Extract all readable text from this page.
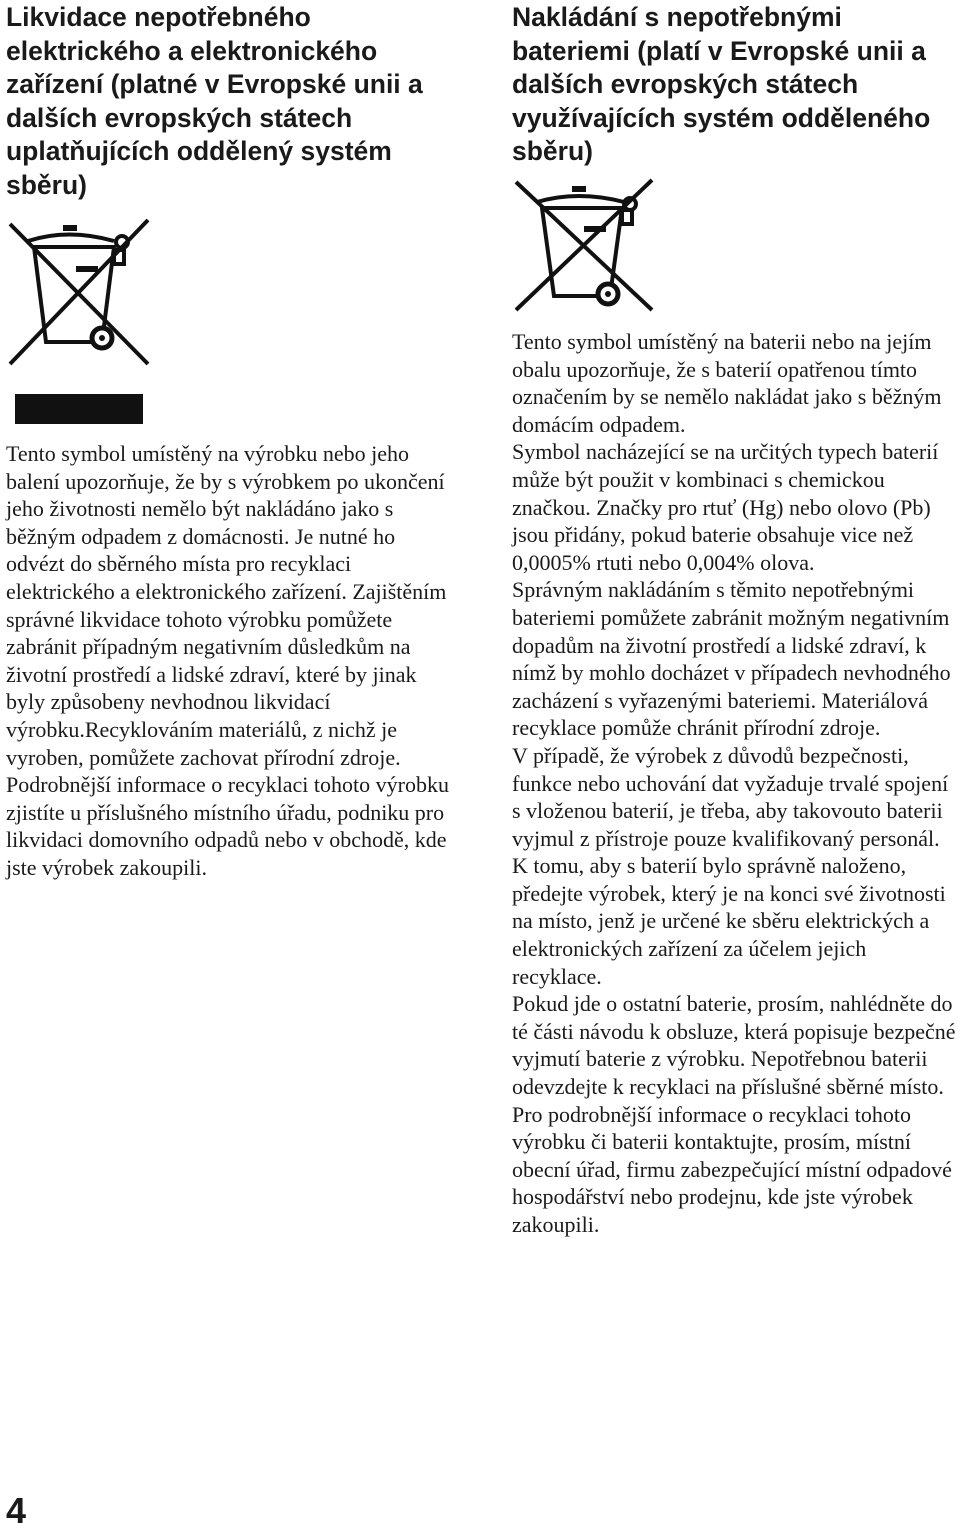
Likvidace nepotřebného elektrického a elektronického zařízení (platné v Evropské unii a dalších evropských státech uplatňujících oddělený systém sběru)

Tento symbol umístěný na výrobku nebo jeho balení upozorňuje, že by s výrobkem po ukončení jeho životnosti nemělo být nakládáno jako s běžným odpadem z domácnosti. Je nutné ho odvézt do sběrného místa pro recyklaci elektrického a elektronického zařízení. Zajištěním správné likvidace tohoto výrobku pomůžete zabránit případným negativním důsledkům na životní prostředí a lidské zdraví, které by jinak byly způsobeny nevhodnou likvidací výrobku.Recyklováním materiálů, z nichž je vyroben, pomůžete zachovat přírodní zdroje. Podrobnější informace o recyklaci tohoto výrobku zjistíte u příslušného místního úřadu, podniku pro likvidaci domovního odpadů nebo v obchodě, kde jste výrobek zakoupili.

Nakládání s nepotřebnými bateriemi (platí v Evropské unii a dalších evropských státech využívajících systém odděleného sběru)

Tento symbol umístěný na baterii nebo na jejím obalu upozorňuje, že s baterií opatřenou tímto označením by se nemělo nakládat jako s běžným domácím odpadem.

Symbol nacházející se na určitých typech baterií může být použit v kombinaci s chemickou značkou. Značky pro rtuť (Hg) nebo olovo (Pb) jsou přidány, pokud baterie obsahuje vice než 0,0005% rtuti nebo 0,004% olova.

Správným nakládáním s těmito nepotřebnými bateriemi pomůžete zabránit možným negativním dopadům na životní prostředí a lidské zdraví, k nímž by mohlo docházet v případech nevhodného zacházení s vyřazenými bateriemi. Materiálová recyklace pomůže chránit přírodní zdroje.

V případě, že výrobek z důvodů bezpečnosti, funkce nebo uchování dat vyžaduje trvalé spojení s vloženou baterií, je třeba, aby takovouto baterii vyjmul z přístroje pouze kvalifikovaný personál.

K tomu, aby s baterií bylo správně naloženo, předejte výrobek, který je na konci své životnosti na místo, jenž je určené ke sběru elektrických a elektronických zařízení za účelem jejich recyklace.

Pokud jde o ostatní baterie, prosím, nahlédněte do té části návodu k obsluze, která popisuje bezpečné vyjmutí baterie z výrobku. Nepotřebnou baterii odevzdejte k recyklaci na příslušné sběrné místo.

Pro podrobnější informace o recyklaci tohoto výrobku či baterii kontaktujte, prosím, místní obecní úřad, firmu zabezpečující místní odpadové hospodářství nebo prodejnu, kde jste výrobek zakoupili.

4
